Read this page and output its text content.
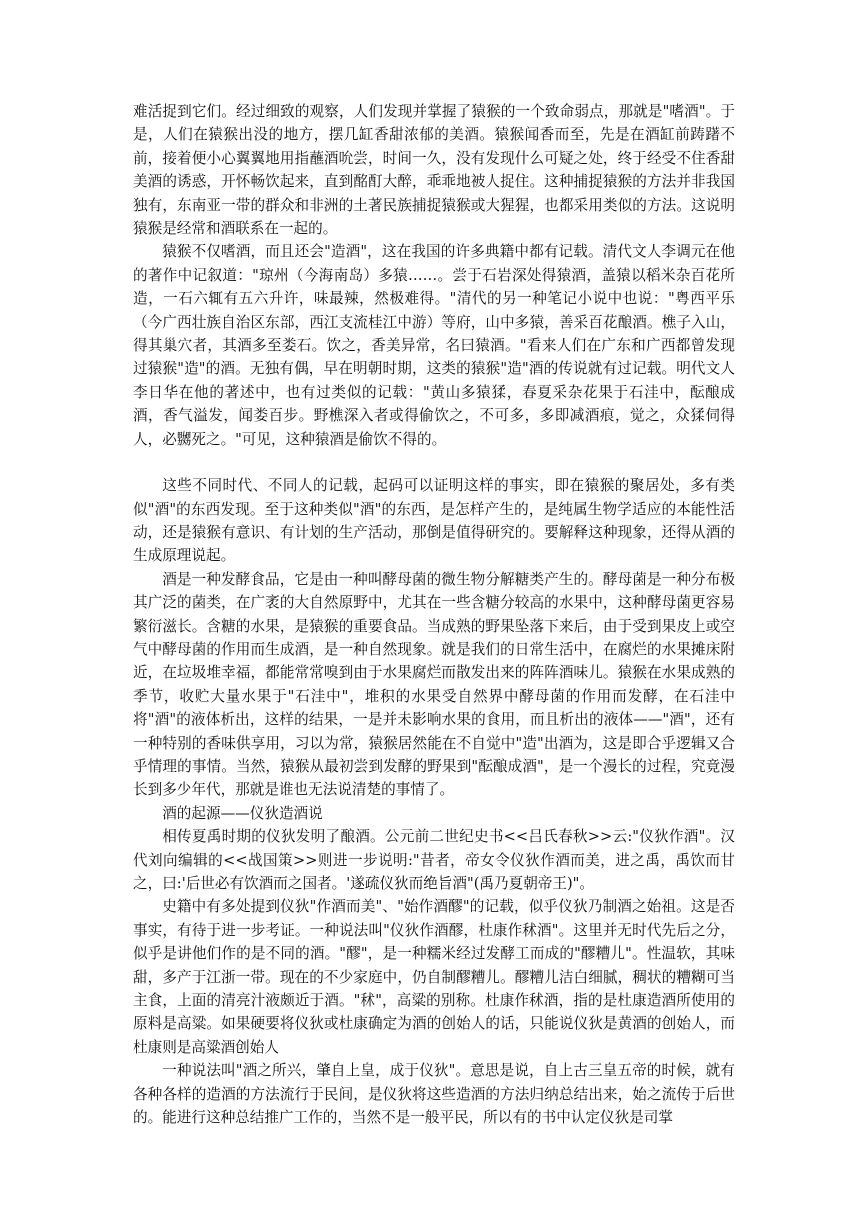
难活捉到它们。经过细致的观察，人们发现并掌握了猿猴的一个致命弱点，那就是"嗜酒"。于是，人们在猿猴出没的地方，摆几缸香甜浓郁的美酒。猿猴闻香而至，先是在酒缸前踌躇不前，接着便小心翼翼地用指蘸酒吮尝，时间一久，没有发现什么可疑之处，终于经受不住香甜美酒的诱惑，开怀畅饮起来，直到酩酊大醉，乖乖地被人捉住。这种捕捉猿猴的方法并非我国独有，东南亚一带的群众和非洲的土著民族捕捉猿猴或大猩猩，也都采用类似的方法。这说明猿猴是经常和酒联系在一起的。

猿猴不仅嗜酒，而且还会"造酒"，这在我国的许多典籍中都有记载。清代文人李调元在他的著作中记叙道："琼州（今海南岛）多猿……。尝于石岩深处得猿酒，盖猿以稻米杂百花所造，一石六辄有五六升许，味最辣，然极难得。"清代的另一种笔记小说中也说："粤西平乐（今广西壮族自治区东部，西江支流桂江中游）等府，山中多猿，善采百花酿酒。樵子入山，得其巢穴者，其酒多至娄石。饮之，香美异常，名曰猿酒。"看来人们在广东和广西都曾发现过猿猴"造"的酒。无独有偶，早在明朝时期，这类的猿猴"造"酒的传说就有过记载。明代文人李日华在他的著述中，也有过类似的记载："黄山多猿猱，春夏采杂花果于石洼中，酝酿成酒，香气溢发，闻娄百步。野樵深入者或得偷饮之，不可多，多即减酒痕，觉之，众猱伺得人，必嬲死之。"可见，这种猿酒是偷饮不得的。

这些不同时代、不同人的记载，起码可以证明这样的事实，即在猿猴的聚居处，多有类似"酒"的东西发现。至于这种类似"酒"的东西，是怎样产生的，是纯属生物学适应的本能性活动，还是猿猴有意识、有计划的生产活动，那倒是值得研究的。要解释这种现象，还得从酒的生成原理说起。

酒是一种发酵食品，它是由一种叫酵母菌的微生物分解糖类产生的。酵母菌是一种分布极其广泛的菌类，在广袤的大自然原野中，尤其在一些含糖分较高的水果中，这种酵母菌更容易繁衍滋长。含糖的水果，是猿猴的重要食品。当成熟的野果坠落下来后，由于受到果皮上或空气中酵母菌的作用而生成酒，是一种自然现象。就是我们的日常生活中，在腐烂的水果摊床附近，在垃圾堆幸福，都能常常嗅到由于水果腐烂而散发出来的阵阵酒味儿。猿猴在水果成熟的季节，收贮大量水果于"石洼中"，堆积的水果受自然界中酵母菌的作用而发酵，在石洼中将"酒"的液体析出，这样的结果，一是并未影响水果的食用，而且析出的液体——"酒"，还有一种特别的香味供享用，习以为常，猿猴居然能在不自觉中"造"出酒为，这是即合乎逻辑又合乎情理的事情。当然，猿猴从最初尝到发酵的野果到"酝酿成酒"，是一个漫长的过程，究竟漫长到多少年代，那就是谁也无法说清楚的事情了。

酒的起源——仪狄造酒说

相传夏禹时期的仪狄发明了酿酒。公元前二世纪史书<<吕氏春秋>>云:"仪狄作酒"。汉代刘向编辑的<<战国策>>则进一步说明:"昔者，帝女令仪狄作酒而美，进之禹，禹饮而甘之，曰:'后世必有饮酒而之国者。'遂疏仪狄而绝旨酒"(禹乃夏朝帝王)"。

史籍中有多处提到仪狄"作酒而美"、"始作酒醪"的记载，似乎仪狄乃制酒之始祖。这是否事实，有待于进一步考证。一种说法叫"仪狄作酒醪，杜康作秫酒"。这里并无时代先后之分，似乎是讲他们作的是不同的酒。"醪"，是一种糯米经过发酵工而成的"醪糟儿"。性温软，其味甜，多产于江浙一带。现在的不少家庭中，仍自制醪糟儿。醪糟儿洁白细腻，稠状的糟糊可当主食，上面的清亮汁液颇近于酒。"秫"，高粱的别称。杜康作秫酒，指的是杜康造酒所使用的原料是高粱。如果硬要将仪狄或杜康确定为酒的创始人的话，只能说仪狄是黄酒的创始人，而杜康则是高粱酒创始人

一种说法叫"酒之所兴，肇自上皇，成于仪狄"。意思是说，自上古三皇五帝的时候，就有各种各样的造酒的方法流行于民间，是仪狄将这些造酒的方法归纳总结出来，始之流传于后世的。能进行这种总结推广工作的，当然不是一般平民，所以有的书中认定仪狄是司掌
